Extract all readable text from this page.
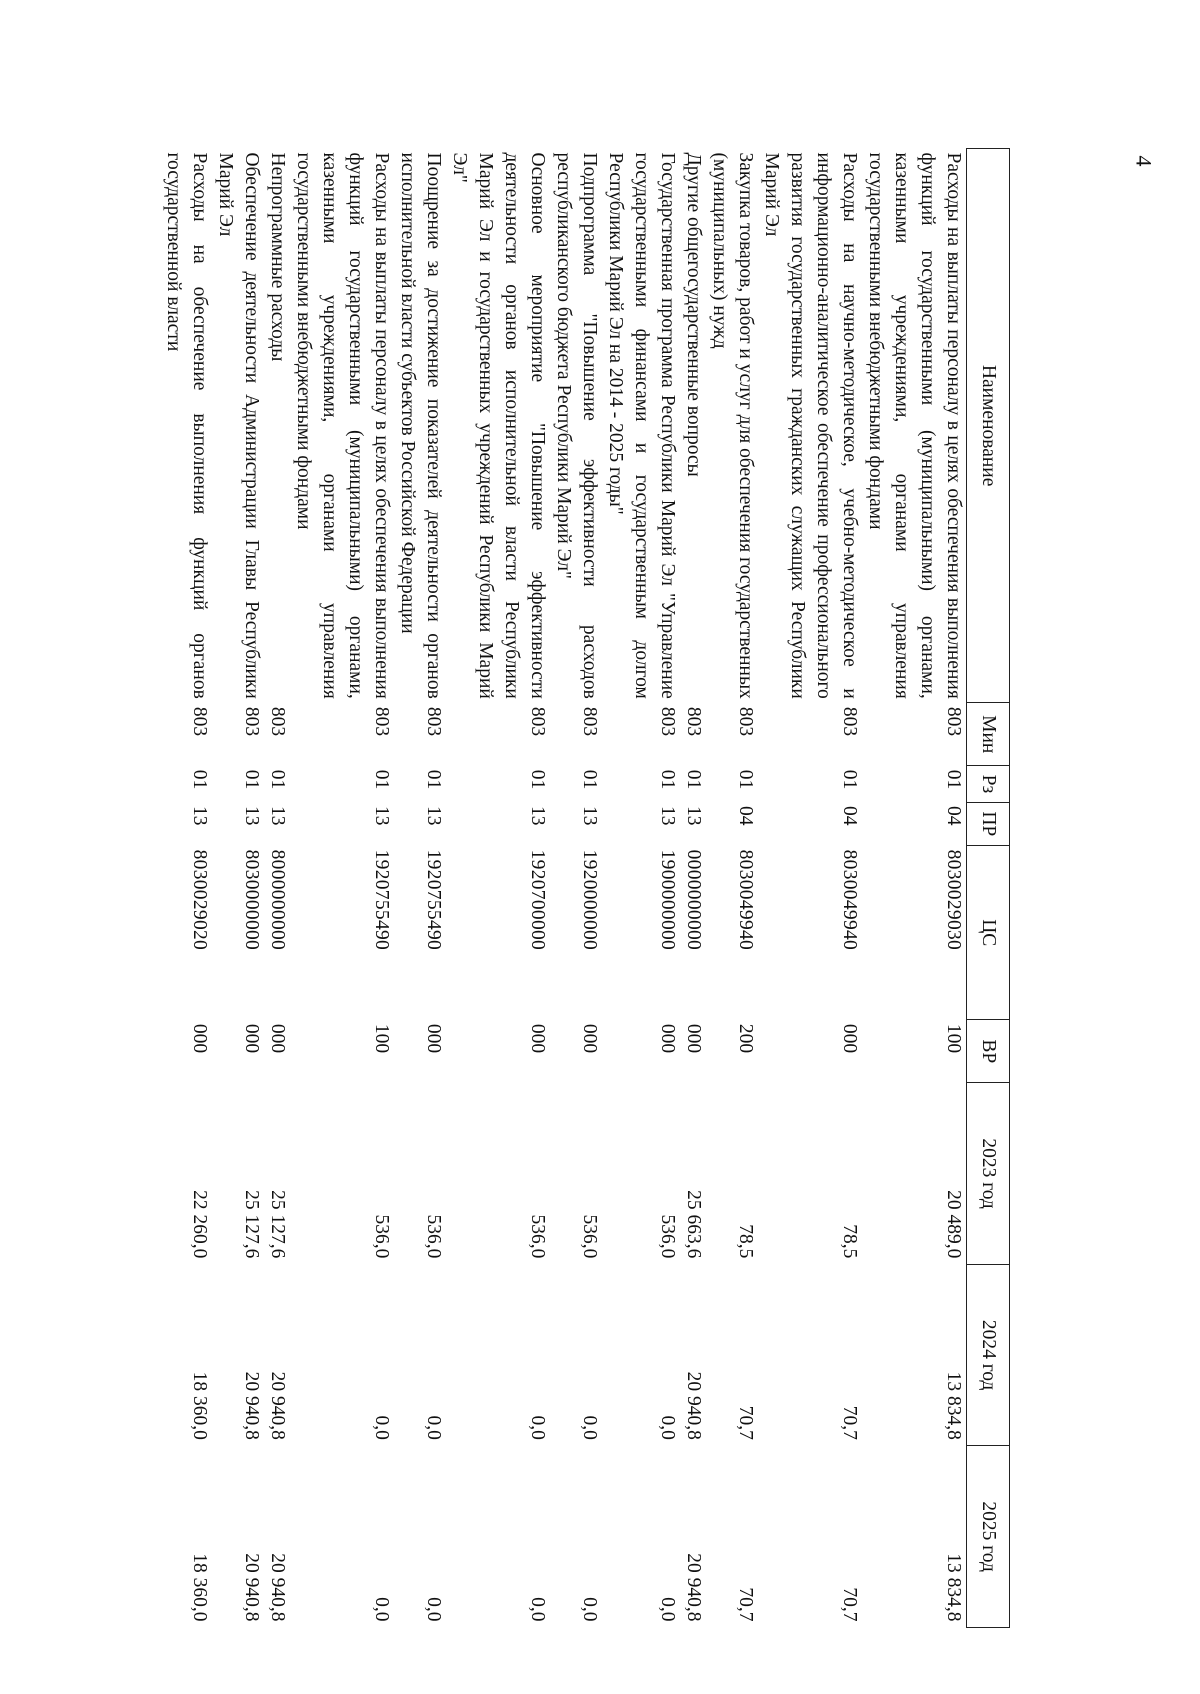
4
Наименование	Мин	Рз	ПР	ЦС	ВР	2023 год	2024 год	2025 год
Расходы на выплаты персоналу в целях обеспечения выполнения функций государственными (муниципальными) органами, казенными учреждениями, органами управления государственными внебюджетными фондами	803	01	04	8030029030	100	20 489,0	13 834,8	13 834,8
Расходы на научно-методическое, учебно-методическое и информационно-аналитическое обеспечение профессионального развития государственных гражданских служащих Республики Марий Эл	803	01	04	8030049940	000	78,5	70,7	70,7
Закупка товаров, работ и услуг для обеспечения государственных (муниципальных) нужд	803	01	04	8030049940	200	78,5	70,7	70,7
Другие общегосударственные вопросы	803	01	13	0000000000	000	25 663,6	20 940,8	20 940,8
Государственная программа Республики Марий Эл "Управление государственными финансами и государственным долгом Республики Марий Эл на 2014 - 2025 годы"	803	01	13	1900000000	000	536,0	0,0	0,0
Подпрограмма "Повышение эффективности расходов республиканского бюджета Республики Марий Эл"	803	01	13	1920000000	000	536,0	0,0	0,0
Основное мероприятие "Повышение эффективности деятельности органов исполнительной власти Республики Марий Эл и государственных учреждений Республики Марий Эл"	803	01	13	1920700000	000	536,0	0,0	0,0
Поощрение за достижение показателей деятельности органов исполнительной власти субъектов Российской Федерации	803	01	13	1920755490	000	536,0	0,0	0,0
Расходы на выплаты персоналу в целях обеспечения выполнения функций государственными (муниципальными) органами, казенными учреждениями, органами управления государственными внебюджетными фондами	803	01	13	1920755490	100	536,0	0,0	0,0
Непрограммные расходы	803	01	13	8000000000	000	25 127,6	20 940,8	20 940,8
Обеспечение деятельности Администрации Главы Республики Марий Эл	803	01	13	8030000000	000	25 127,6	20 940,8	20 940,8
Расходы на обеспечение выполнения функций органов государственной власти	803	01	13	8030029020	000	22 260,0	18 360,0	18 360,0
